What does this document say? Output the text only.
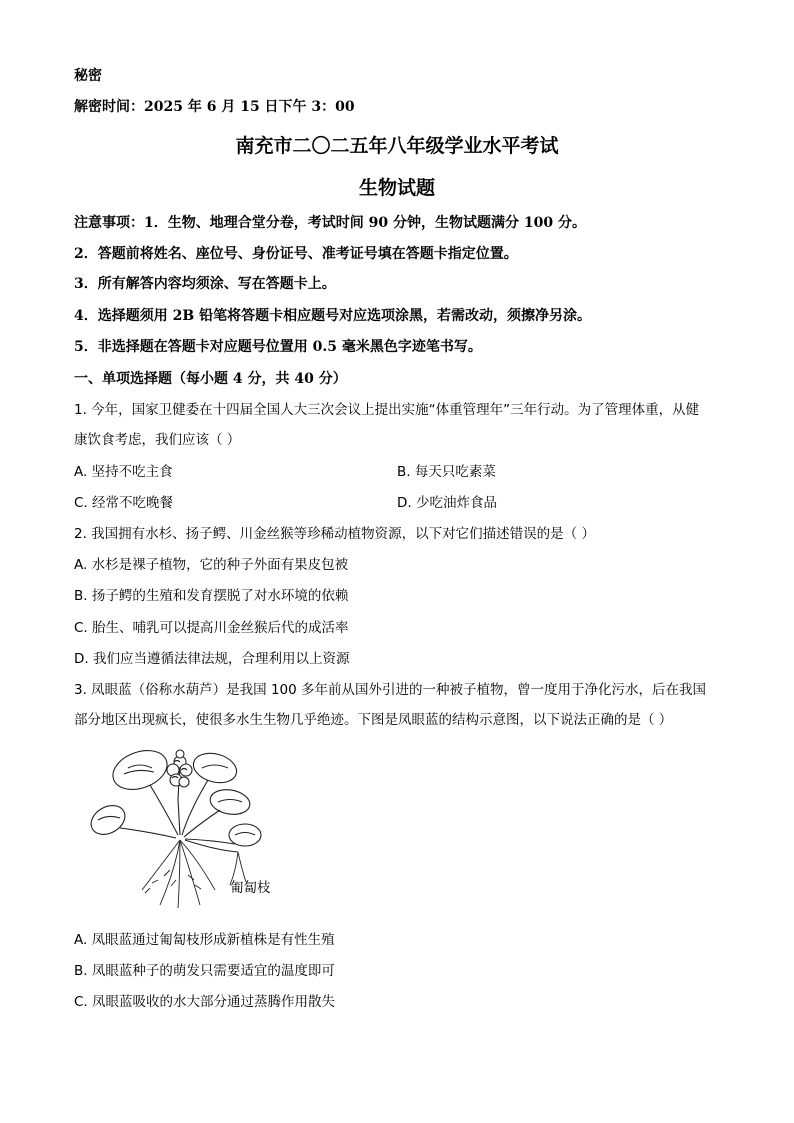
秘密
解密时间：2025 年 6 月 15 日下午 3：00
南充市二〇二五年八年级学业水平考试
生物试题
注意事项：1．生物、地理合堂分卷，考试时间 90 分钟，生物试题满分 100 分。
2．答题前将姓名、座位号、身份证号、准考证号填在答题卡指定位置。
3．所有解答内容均须涂、写在答题卡上。
4．选择题须用 2B 铅笔将答题卡相应题号对应选项涂黑，若需改动，须擦净另涂。
5．非选择题在答题卡对应题号位置用 0.5 毫米黑色字迹笔书写。
一、单项选择题（每小题 4 分，共 40 分）
1. 今年，国家卫健委在十四届全国人大三次会议上提出实施“体重管理年”三年行动。为了管理体重，从健
康饮食考虑，我们应该（ ）
A. 坚持不吃主食	B. 每天只吃素菜
C. 经常不吃晚餐	D. 少吃油炸食品
2. 我国拥有水杉、扬子鳄、川金丝猴等珍稀动植物资源，以下对它们描述错误的是（ ）
A. 水杉是裸子植物，它的种子外面有果皮包被
B. 扬子鳄的生殖和发育摆脱了对水环境的依赖
C. 胎生、哺乳可以提高川金丝猴后代的成活率
D. 我们应当遵循法律法规，合理利用以上资源
3. 凤眼蓝（俗称水葫芦）是我国 100 多年前从国外引进的一种被子植物，曾一度用于净化污水，后在我国
部分地区出现疯长，使很多水生生物几乎绝迹。下图是凤眼蓝的结构示意图，以下说法正确的是（ ）
匍匐枝
A. 凤眼蓝通过匍匐枝形成新植株是有性生殖
B. 凤眼蓝种子的萌发只需要适宜的温度即可
C. 凤眼蓝吸收的水大部分通过蒸腾作用散失
